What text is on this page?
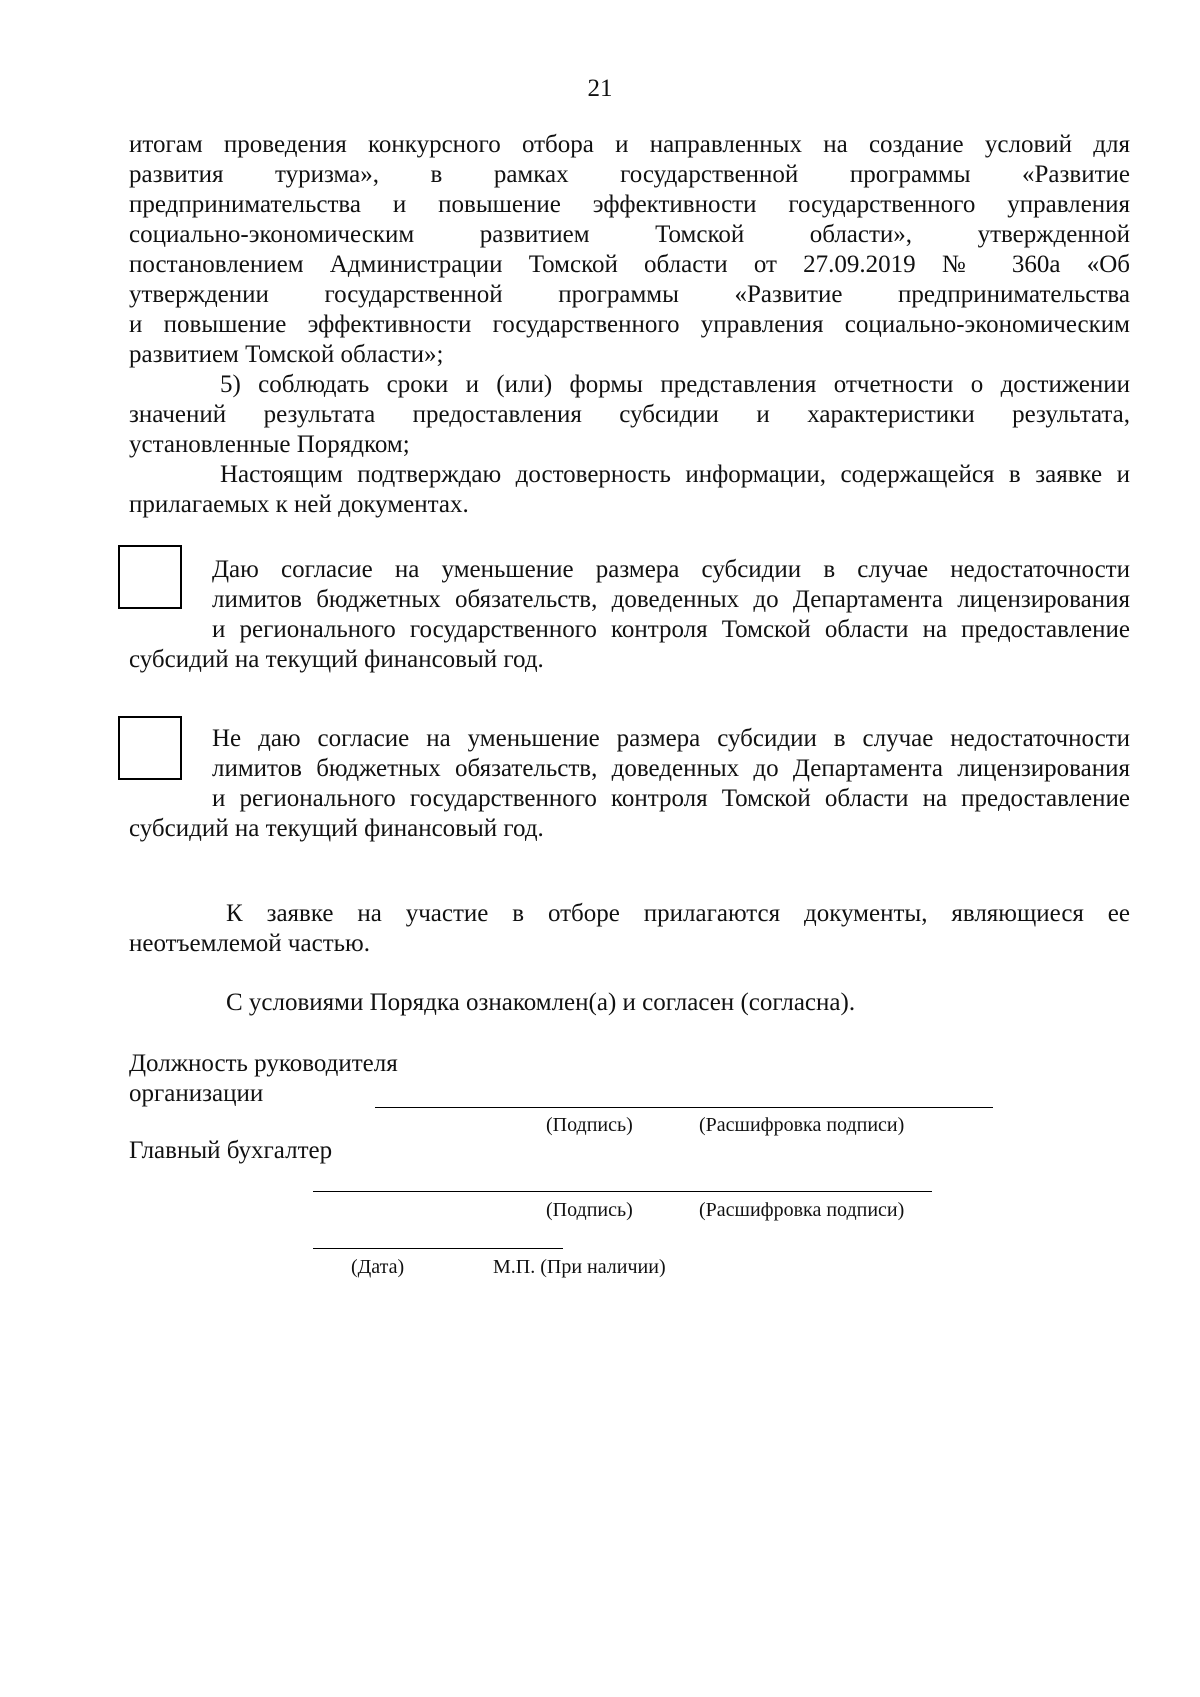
21
итогам проведения конкурсного отбора и направленных на создание условий для
развития туризма», в рамках государственной программы «Развитие
предпринимательства и повышение эффективности государственного управления
социально-экономическим развитием Томской области», утвержденной
постановлением Администрации Томской области от 27.09.2019 № 360а «Об
утверждении государственной программы «Развитие предпринимательства
и повышение эффективности государственного управления социально-экономическим
развитием Томской области»;
5) соблюдать сроки и (или) формы представления отчетности о достижении
значений результата предоставления субсидии и характеристики результата,
установленные Порядком;
Настоящим подтверждаю достоверность информации, содержащейся в заявке и
прилагаемых к ней документах.
Даю согласие на уменьшение размера субсидии в случае недостаточности
лимитов бюджетных обязательств, доведенных до Департамента лицензирования
и регионального государственного контроля Томской области на предоставление
субсидий на текущий финансовый год.
Не даю согласие на уменьшение размера субсидии в случае недостаточности
лимитов бюджетных обязательств, доведенных до Департамента лицензирования
и регионального государственного контроля Томской области на предоставление
субсидий на текущий финансовый год.
К заявке на участие в отборе прилагаются документы, являющиеся ее
неотъемлемой частью.
С условиями Порядка ознакомлен(а) и согласен (согласна).
Должность руководителя
организации
(Подпись)	(Расшифровка подписи)
Главный бухгалтер
(Подпись)	(Расшифровка подписи)
(Дата)	М.П. (При наличии)
